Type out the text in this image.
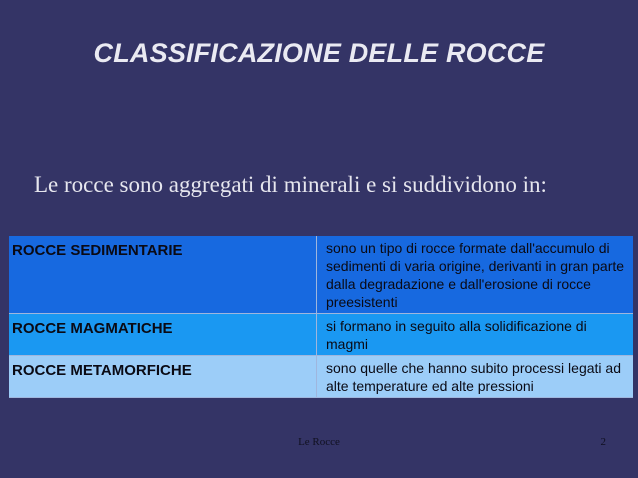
CLASSIFICAZIONE DELLE ROCCE
Le rocce sono aggregati di minerali e si suddividono in:
ROCCE SEDIMENTARIE	sono un tipo di rocce formate dall'accumulo di sedimenti di varia origine, derivanti in gran parte dalla degradazione e dall'erosione di rocce preesistenti
ROCCE MAGMATICHE	si formano in seguito alla solidificazione di magmi
ROCCE METAMORFICHE	sono quelle che hanno subito processi legati ad alte temperature ed alte pressioni
Le Rocce	2
